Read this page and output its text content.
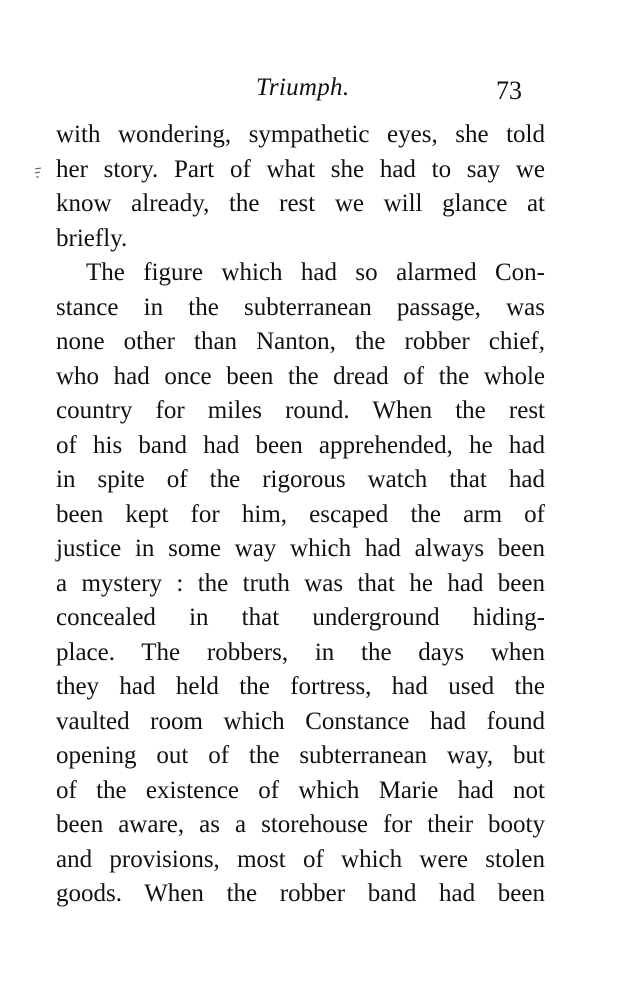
Triumph.	73
with wondering, sympathetic eyes, she told
her story. Part of what she had to say we
know already, the rest we will glance at
briefly.
The figure which had so alarmed Con-
stance in the subterranean passage, was
none other than Nanton, the robber chief,
who had once been the dread of the whole
country for miles round. When the rest
of his band had been apprehended, he had
in spite of the rigorous watch that had
been kept for him, escaped the arm of
justice in some way which had always been
a mystery : the truth was that he had been
concealed in that underground hiding-
place. The robbers, in the days when
they had held the fortress, had used the
vaulted room which Constance had found
opening out of the subterranean way, but
of the existence of which Marie had not
been aware, as a storehouse for their booty
and provisions, most of which were stolen
goods. When the robber band had been
